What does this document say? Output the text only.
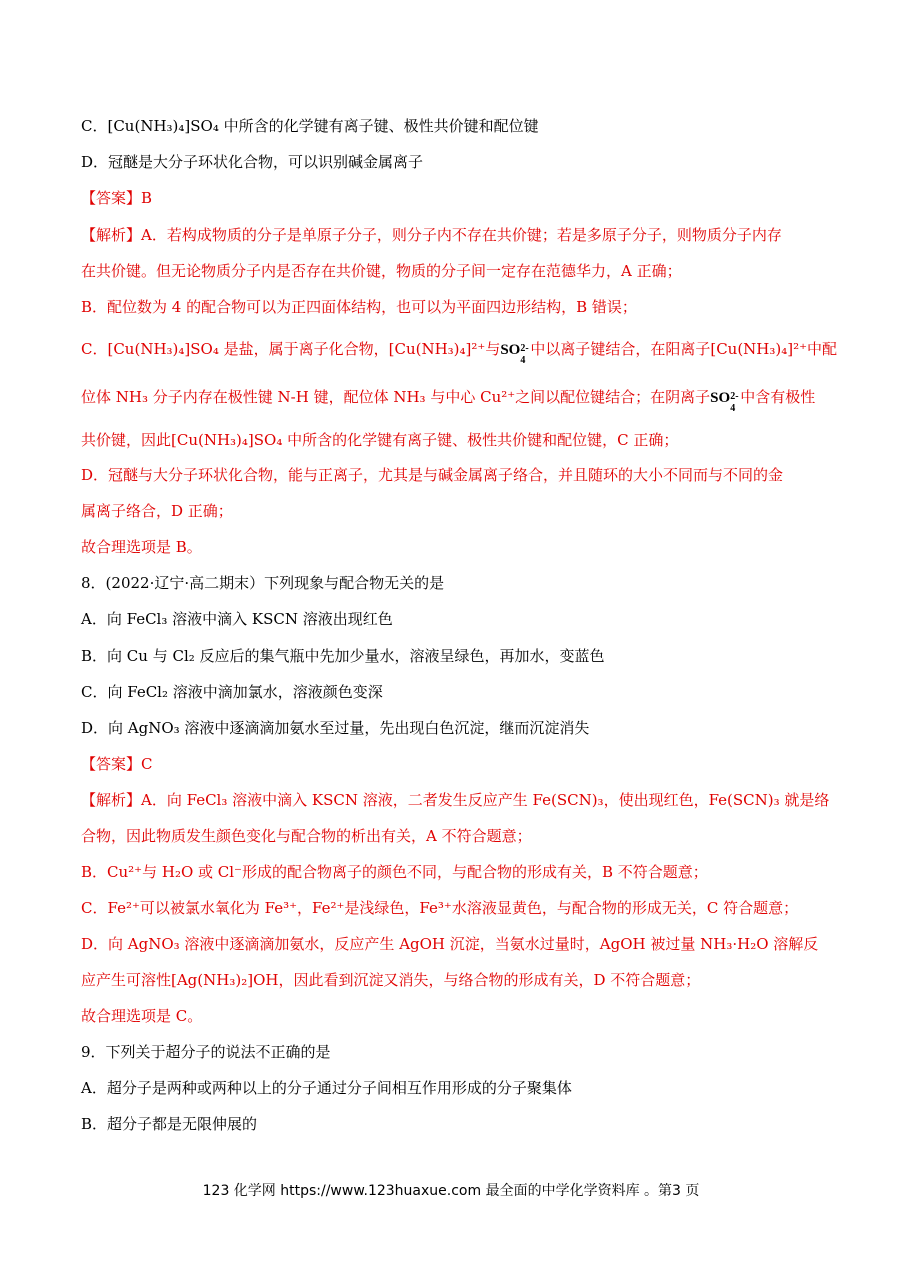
C．[Cu(NH₃)₄]SO₄ 中所含的化学键有离子键、极性共价键和配位键
D．冠醚是大分子环状化合物，可以识别碱金属离子
【答案】B
【解析】A．若构成物质的分子是单原子分子，则分子内不存在共价键；若是多原子分子，则物质分子内存
在共价键。但无论物质分子内是否存在共价键，物质的分子间一定存在范德华力，A 正确；
B．配位数为 4 的配合物可以为正四面体结构，也可以为平面四边形结构，B 错误；
C．[Cu(NH₃)₄]SO₄ 是盐，属于离子化合物，[Cu(NH₃)₄]²⁺与SO 2-
4
中以离子键结合，在阳离子[Cu(NH₃)₄]²⁺中配
位体 NH₃ 分子内存在极性键 N-H 键，配位体 NH₃ 与中心 Cu²⁺之间以配位键结合；在阴离子SO 2-
4
中含有极性
共价键，因此[Cu(NH₃)₄]SO₄ 中所含的化学键有离子键、极性共价键和配位键，C 正确；
D．冠醚与大分子环状化合物，能与正离子，尤其是与碱金属离子络合，并且随环的大小不同而与不同的金
属离子络合，D 正确；
故合理选项是 B。
8．(2022·辽宁·高二期末）下列现象与配合物无关的是
A．向 FeCl₃ 溶液中滴入 KSCN 溶液出现红色
B．向 Cu 与 Cl₂ 反应后的集气瓶中先加少量水，溶液呈绿色，再加水，变蓝色
C．向 FeCl₂ 溶液中滴加氯水，溶液颜色变深
D．向 AgNO₃ 溶液中逐滴滴加氨水至过量，先出现白色沉淀，继而沉淀消失
【答案】C
【解析】A．向 FeCl₃ 溶液中滴入 KSCN 溶液，二者发生反应产生 Fe(SCN)₃，使出现红色，Fe(SCN)₃ 就是络
合物，因此物质发生颜色变化与配合物的析出有关，A 不符合题意；
B．Cu²⁺与 H₂O 或 Cl⁻形成的配合物离子的颜色不同，与配合物的形成有关，B 不符合题意；
C．Fe²⁺可以被氯水氧化为 Fe³⁺，Fe²⁺是浅绿色，Fe³⁺水溶液显黄色，与配合物的形成无关，C 符合题意；
D．向 AgNO₃ 溶液中逐滴滴加氨水，反应产生 AgOH 沉淀，当氨水过量时，AgOH 被过量 NH₃·H₂O 溶解反
应产生可溶性[Ag(NH₃)₂]OH，因此看到沉淀又消失，与络合物的形成有关，D 不符合题意；
故合理选项是 C。
9．下列关于超分子的说法不正确的是
A．超分子是两种或两种以上的分子通过分子间相互作用形成的分子聚集体
B．超分子都是无限伸展的
123 化学网 https://www.123huaxue.com 最全面的中学化学资料库 。第3 页
